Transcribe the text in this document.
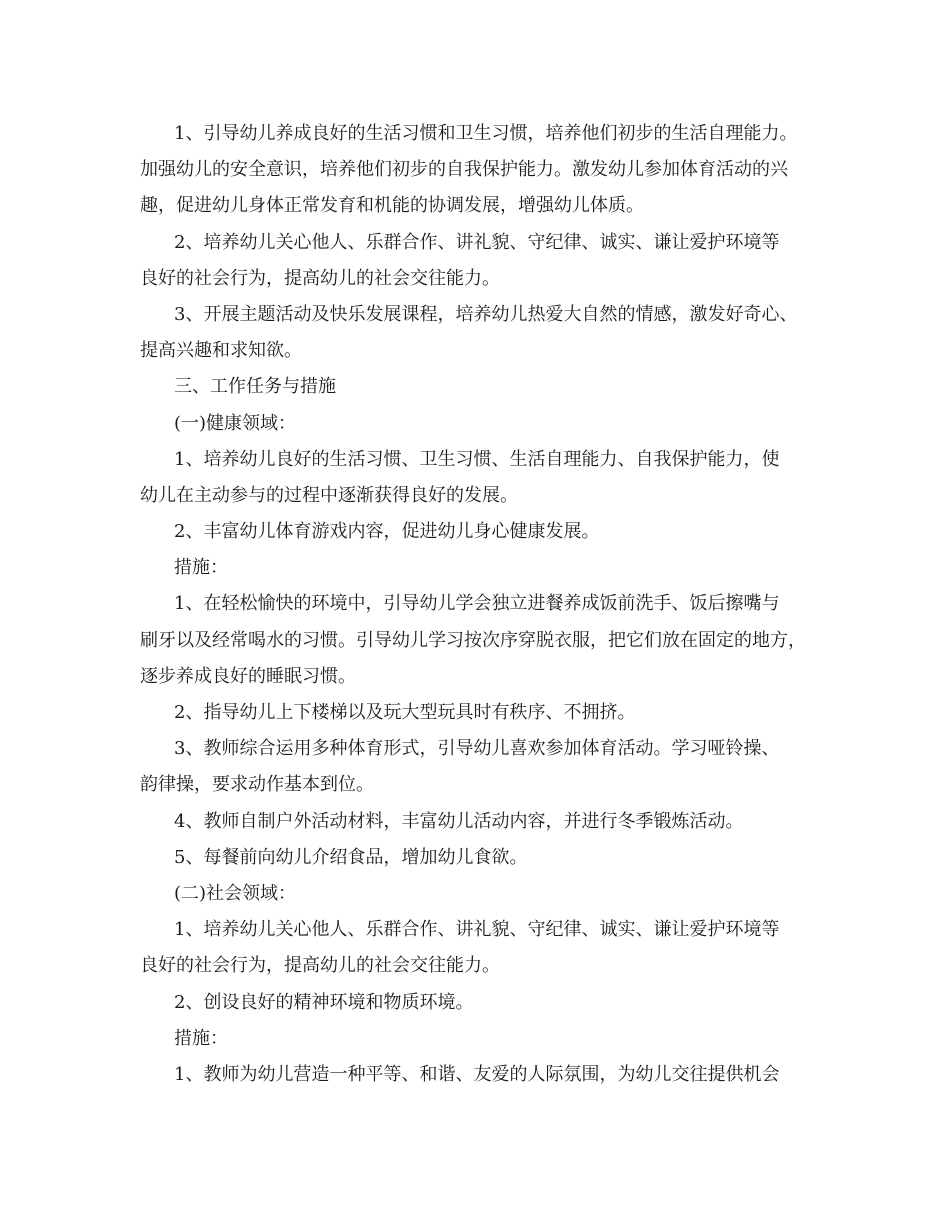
1、引导幼儿养成良好的生活习惯和卫生习惯，培养他们初步的生活自理能力。
加强幼儿的安全意识，培养他们初步的自我保护能力。激发幼儿参加体育活动的兴
趣，促进幼儿身体正常发育和机能的协调发展，增强幼儿体质。
2、培养幼儿关心他人、乐群合作、讲礼貌、守纪律、诚实、谦让爱护环境等
良好的社会行为，提高幼儿的社会交往能力。
3、开展主题活动及快乐发展课程，培养幼儿热爱大自然的情感，激发好奇心、
提高兴趣和求知欲。
三、工作任务与措施
(一)健康领域：
1、培养幼儿良好的生活习惯、卫生习惯、生活自理能力、自我保护能力，使
幼儿在主动参与的过程中逐渐获得良好的发展。
2、丰富幼儿体育游戏内容，促进幼儿身心健康发展。
措施：
1、在轻松愉快的环境中，引导幼儿学会独立进餐养成饭前洗手、饭后擦嘴与
刷牙以及经常喝水的习惯。引导幼儿学习按次序穿脱衣服，把它们放在固定的地方，
逐步养成良好的睡眠习惯。
2、指导幼儿上下楼梯以及玩大型玩具时有秩序、不拥挤。
3、教师综合运用多种体育形式，引导幼儿喜欢参加体育活动。学习哑铃操、
韵律操，要求动作基本到位。
4、教师自制户外活动材料，丰富幼儿活动内容，并进行冬季锻炼活动。
5、每餐前向幼儿介绍食品，增加幼儿食欲。
(二)社会领域：
1、培养幼儿关心他人、乐群合作、讲礼貌、守纪律、诚实、谦让爱护环境等
良好的社会行为，提高幼儿的社会交往能力。
2、创设良好的精神环境和物质环境。
措施：
1、教师为幼儿营造一种平等、和谐、友爱的人际氛围，为幼儿交往提供机会
